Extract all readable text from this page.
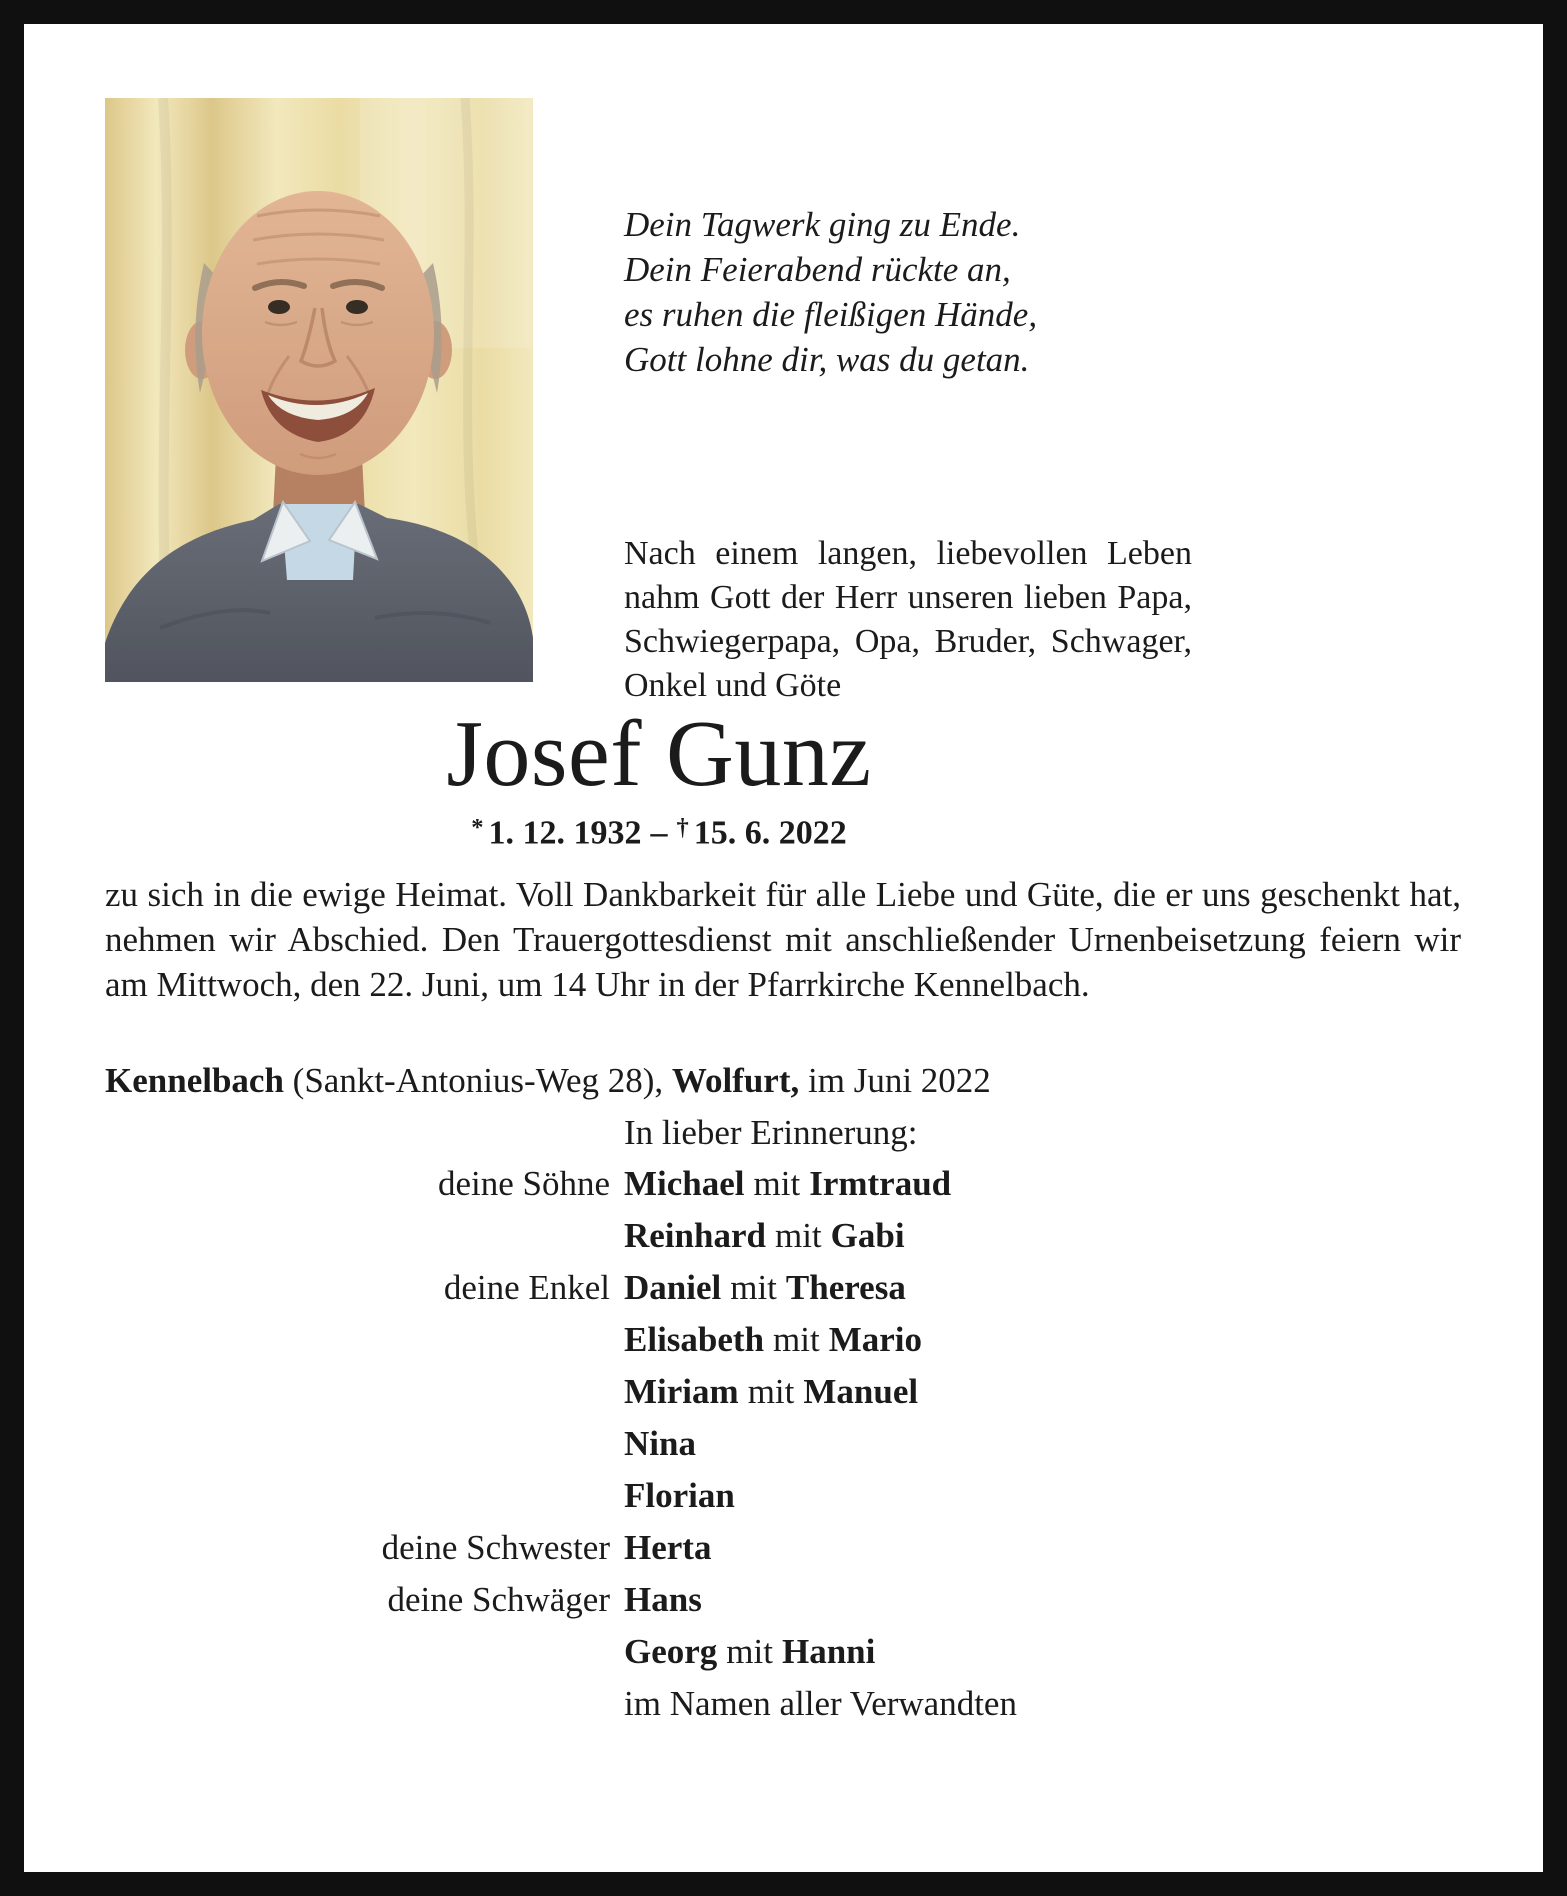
Dein Tagwerk ging zu Ende.
Dein Feierabend rückte an,
es ruhen die fleißigen Hände,
Gott lohne dir, was du getan.
Nach einem langen, liebevollen Leben nahm Gott der Herr unseren lieben Papa, Schwiegerpapa, Opa, Bruder, Schwager, Onkel und Göte
Josef Gunz
* 1. 12. 1932 – † 15. 6. 2022
zu sich in die ewige Heimat. Voll Dankbarkeit für alle Liebe und Güte, die er uns geschenkt hat, nehmen wir Abschied. Den Trauergottesdienst mit anschließender Urnenbeisetzung feiern wir am Mittwoch, den 22. Juni, um 14 Uhr in der Pfarrkirche Kennelbach.
Kennelbach (Sankt-Antonius-Weg 28), Wolfurt, im Juni 2022
In lieber Erinnerung:
deine Söhne Michael mit Irmtraud
Reinhard mit Gabi
deine Enkel Daniel mit Theresa
Elisabeth mit Mario
Miriam mit Manuel
Nina
Florian
deine Schwester Herta
deine Schwäger Hans
Georg mit Hanni
im Namen aller Verwandten
